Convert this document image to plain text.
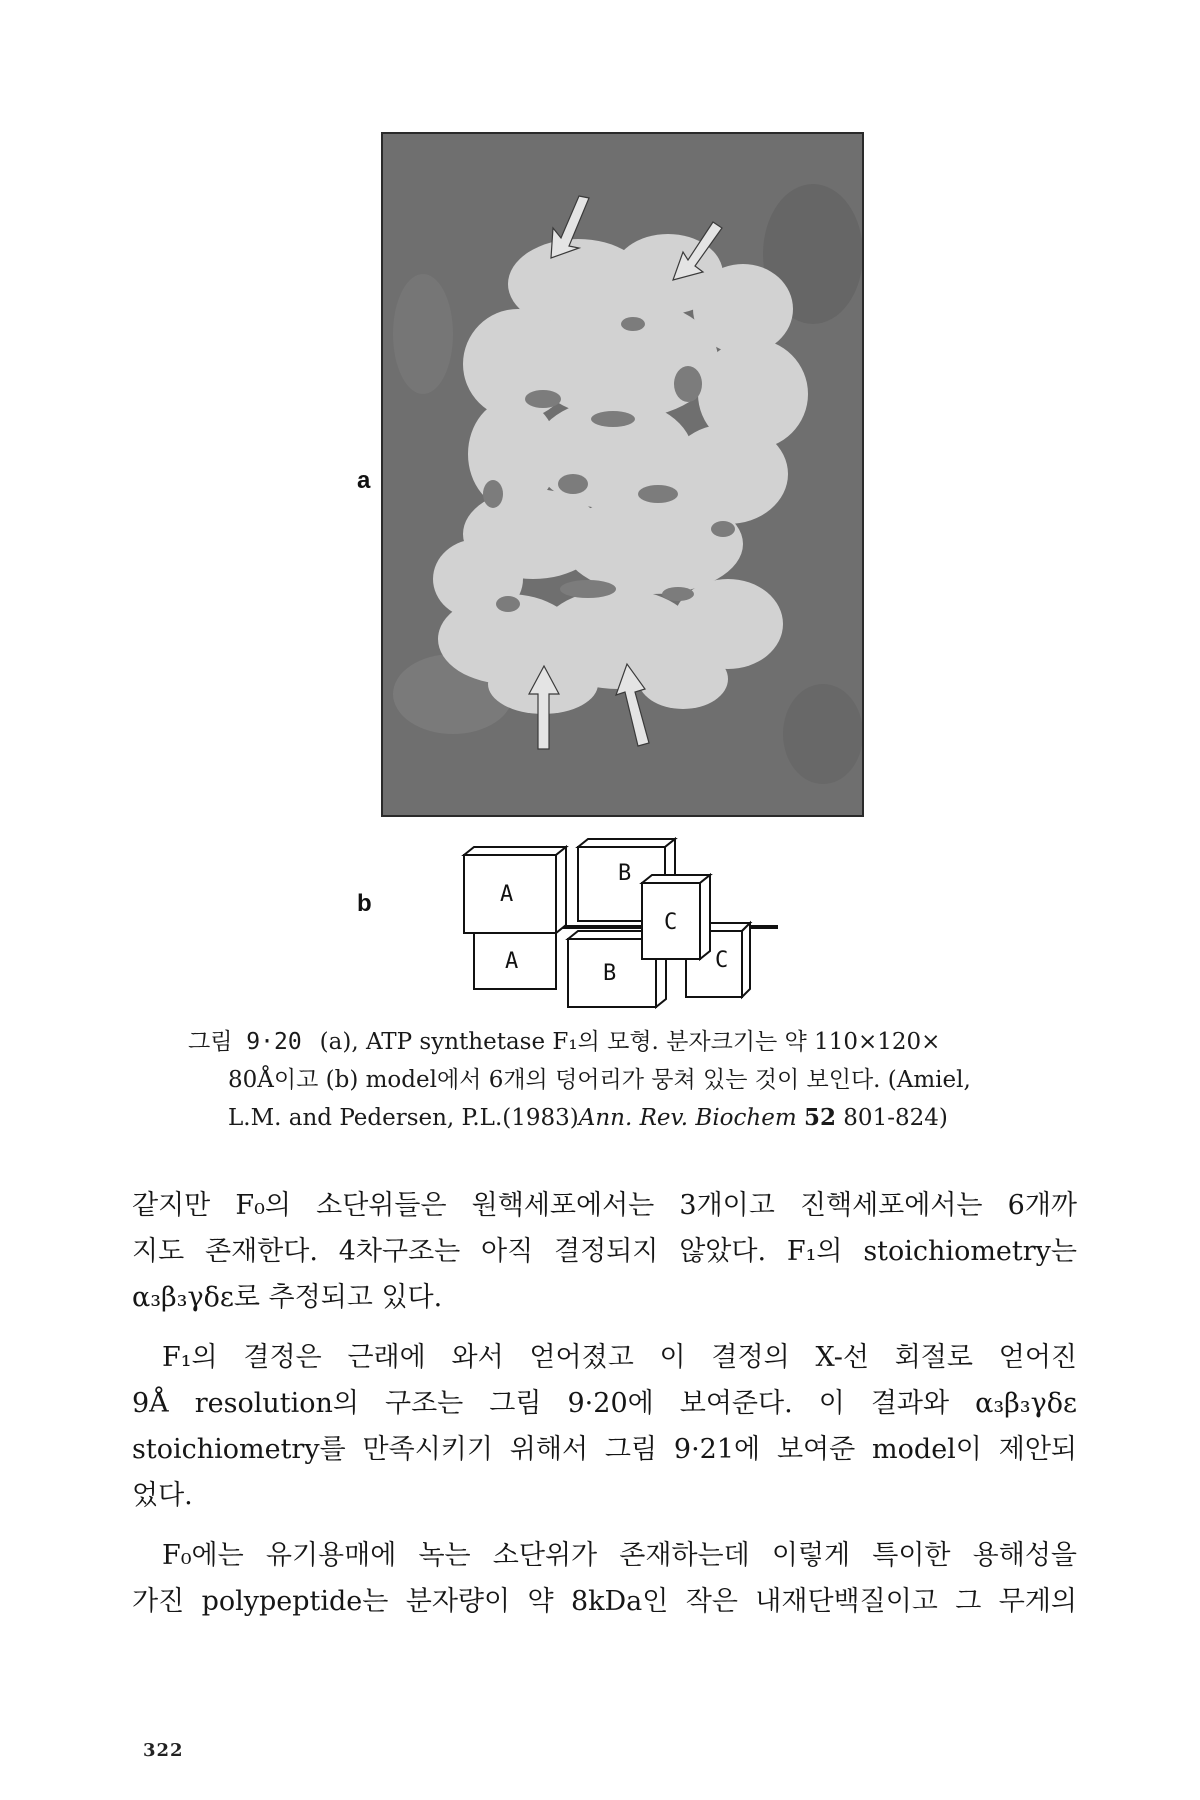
a
b
B
A	C
A
B
C
그림 9·20 (a), ATP synthetase F₁의 모형. 분자크기는 약 110×120×
80Å이고 (b) model에서 6개의 덩어리가 뭉쳐 있는 것이 보인다. (Amiel,
L.M. and Pedersen, P.L.(1983)Ann. Rev. Biochem 52 801-824)
같지만 F₀의 소단위들은 원핵세포에서는 3개이고 진핵세포에서는 6개까
지도 존재한다. 4차구조는 아직 결정되지 않았다. F₁의 stoichiometry는
α₃β₃γδε로 추정되고 있다.
F₁의 결정은 근래에 와서 얻어졌고 이 결정의 X-선 회절로 얻어진
9Å resolution의 구조는 그림 9·20에 보여준다. 이 결과와 α₃β₃γδε
stoichiometry를 만족시키기 위해서 그림 9·21에 보여준 model이 제안되
었다.
F₀에는 유기용매에 녹는 소단위가 존재하는데 이렇게 특이한 용해성을
가진 polypeptide는 분자량이 약 8kDa인 작은 내재단백질이고 그 무게의
322
